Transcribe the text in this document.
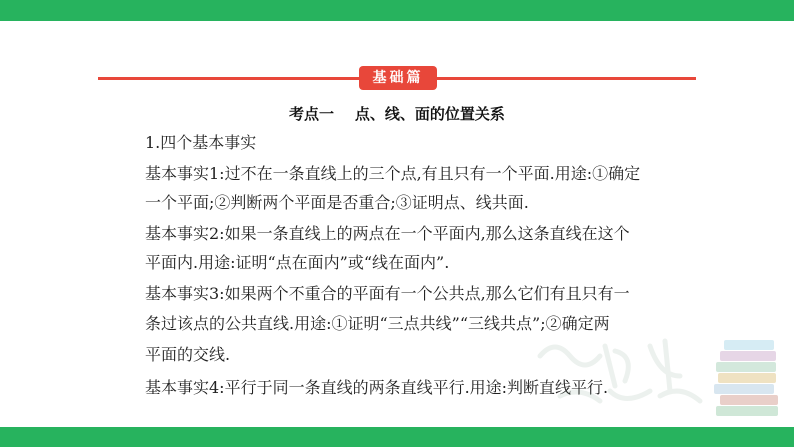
基础篇
考点一    点、线、面的位置关系
1.四个基本事实
基本事实1:过不在一条直线上的三个点,有且只有一个平面.用途:①确定
一个平面;②判断两个平面是否重合;③证明点、线共面.
基本事实2:如果一条直线上的两点在一个平面内,那么这条直线在这个
平面内.用途:证明“点在面内”或“线在面内”.
基本事实3:如果两个不重合的平面有一个公共点,那么它们有且只有一
条过该点的公共直线.用途:①证明“三点共线”“三线共点”;②确定两
平面的交线.
基本事实4:平行于同一条直线的两条直线平行.用途:判断直线平行.
